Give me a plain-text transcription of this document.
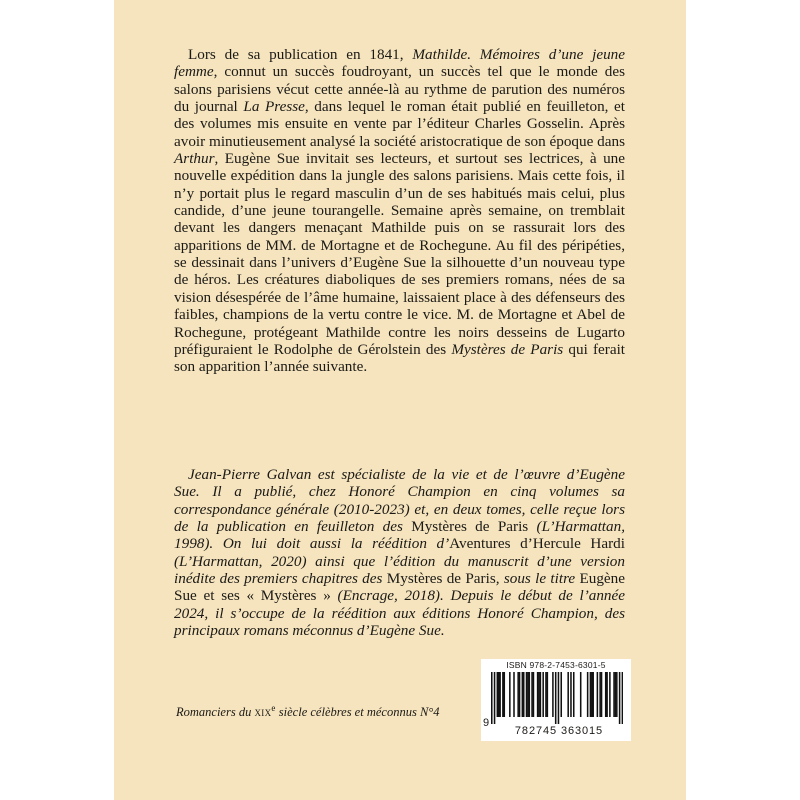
Lors de sa publication en 1841, Mathilde. Mémoires d’une jeune femme, connut un succès foudroyant, un succès tel que le monde des salons parisiens vécut cette année-là au rythme de parution des numéros du journal La Presse, dans lequel le roman était publié en feuilleton, et des volumes mis ensuite en vente par l’éditeur Charles Gosselin. Après avoir minutieusement analysé la société aristocratique de son époque dans Arthur, Eugène Sue invitait ses lecteurs, et surtout ses lectrices, à une nouvelle expédition dans la jungle des salons parisiens. Mais cette fois, il n’y portait plus le regard masculin d’un de ses habitués mais celui, plus candide, d’une jeune tourangelle. Semaine après semaine, on tremblait devant les dangers menaçant Mathilde puis on se rassurait lors des apparitions de MM. de Mortagne et de Rochegune. Au fil des péripéties, se dessinait dans l’univers d’Eugène Sue la silhouette d’un nouveau type de héros. Les créatures diaboliques de ses premiers romans, nées de sa vision désespérée de l’âme humaine, laissaient place à des défenseurs des faibles, champions de la vertu contre le vice. M. de Mortagne et Abel de Rochegune, protégeant Mathilde contre les noirs desseins de Lugarto préfiguraient le Rodolphe de Gérolstein des Mystères de Paris qui ferait son apparition l’année suivante.

Jean-Pierre Galvan est spécialiste de la vie et de l’œuvre d’Eugène Sue. Il a publié, chez Honoré Champion en cinq volumes sa correspondance générale (2010-2023) et, en deux tomes, celle reçue lors de la publication en feuilleton des Mystères de Paris (L’Harmattan, 1998). On lui doit aussi la réédition d’Aventures d’Hercule Hardi (L’Harmattan, 2020) ainsi que l’édition du manuscrit d’une version inédite des premiers chapitres des Mystères de Paris, sous le titre Eugène Sue et ses « Mystères » (Encrage, 2018). Depuis le début de l’année 2024, il s’occupe de la réédition aux éditions Honoré Champion, des principaux romans méconnus d’Eugène Sue.

Romanciers du XIXe siècle célèbres et méconnus N°4
ISBN 978-2-7453-6301-5
9
782745 363015
